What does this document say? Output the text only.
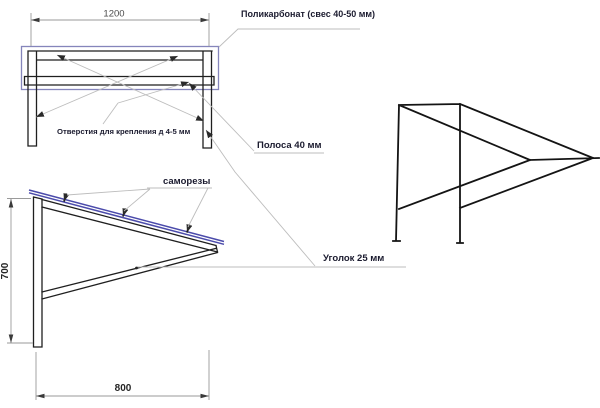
1200
Отверстия для крепления д 4-5 мм
Поликарбонат (свес 40-50 мм)
Полоса 40 мм
саморезы
700
800
Уголок 25 мм
